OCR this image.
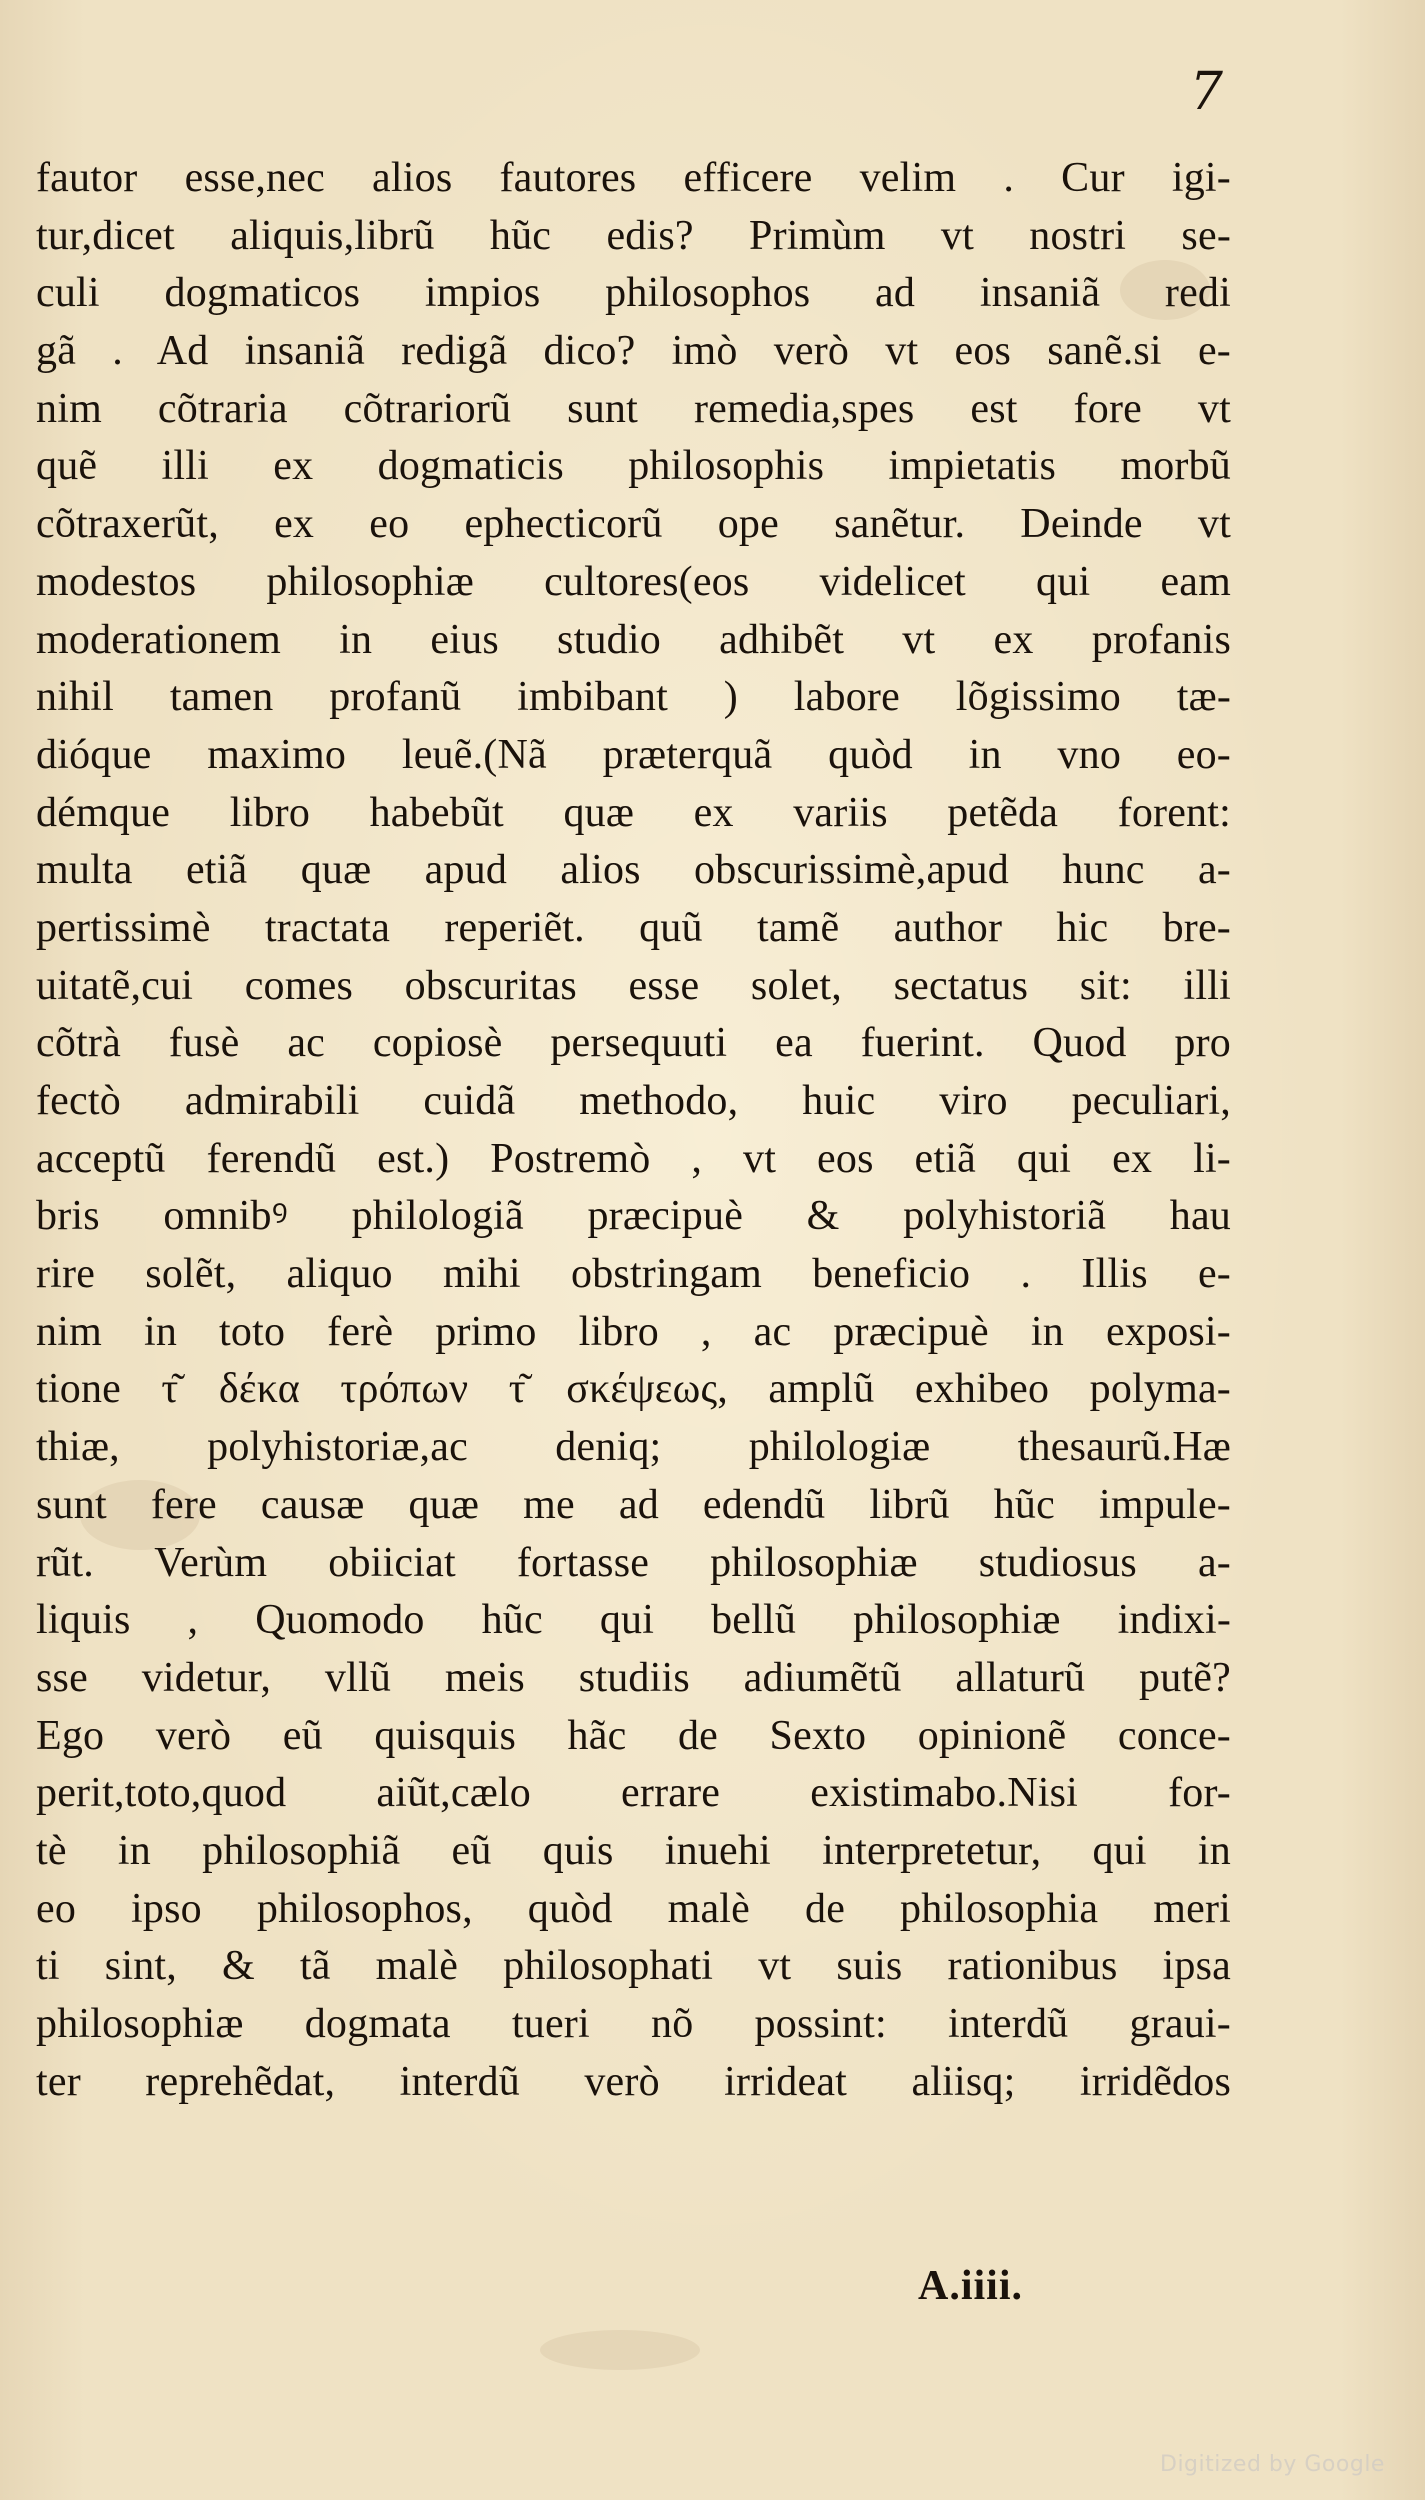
7
fautor esse,nec alios fautores efficere velim . Cur igi-
tur,dicet aliquis,librũ hũc edis? Primùm vt nostri se-
culi dogmaticos impios philosophos ad insaniã redi
gã . Ad insaniã redigã dico? imò verò vt eos sanẽ.si e-
nim cõtraria cõtrariorũ sunt remedia,spes est fore vt
quẽ illi ex dogmaticis philosophis impietatis morbũ
cõtraxerũt, ex eo ephecticorũ ope sanẽtur. Deinde vt
modestos philosophiæ cultores(eos videlicet qui eam
moderationem in eius studio adhibẽt vt ex profanis
nihil tamen profanũ imbibant ) labore lõgissimo tæ-
dióque maximo leuẽ.(Nã præterquã quòd in vno eo-
démque libro habebũt quæ ex variis petẽda forent:
multa etiã quæ apud alios obscurissimè,apud hunc a-
pertissimè tractata reperiẽt. quũ tamẽ author hic bre-
uitatẽ,cui comes obscuritas esse solet, sectatus sit: illi
cõtrà fusè ac copiosè persequuti ea fuerint. Quod pro
fectò admirabili cuidã methodo, huic viro peculiari,
acceptũ ferendũ est.) Postremò , vt eos etiã qui ex li-
bris omnibꝰ philologiã præcipuè & polyhistoriã hau
rire solẽt, aliquo mihi obstringam beneficio . Illis e-
nim in toto ferè primo libro , ac præcipuè in exposi-
tione τ͂ δέκα τρόπων τ͂ σκέψεως, amplũ exhibeo polyma-
thiæ, polyhistoriæ,ac deniq; philologiæ thesaurũ.Hæ
sunt fere causæ quæ me ad edendũ librũ hũc impule-
rũt. Verùm obiiciat fortasse philosophiæ studiosus a-
liquis , Quomodo hũc qui bellũ philosophiæ indixi-
sse videtur, vllũ meis studiis adiumẽtũ allaturũ putẽ?
Ego verò eũ quisquis hãc de Sexto opinionẽ conce-
perit,toto,quod aiũt,cælo errare existimabo.Nisi for-
tè in philosophiã eũ quis inuehi interpretetur, qui in
eo ipso philosophos, quòd malè de philosophia meri
ti sint, & tã malè philosophati vt suis rationibus ipsa
philosophiæ dogmata tueri nõ possint: interdũ graui-
ter reprehẽdat, interdũ verò irrideat aliisq; irridẽdos
A.iiii.
Digitized by Google
